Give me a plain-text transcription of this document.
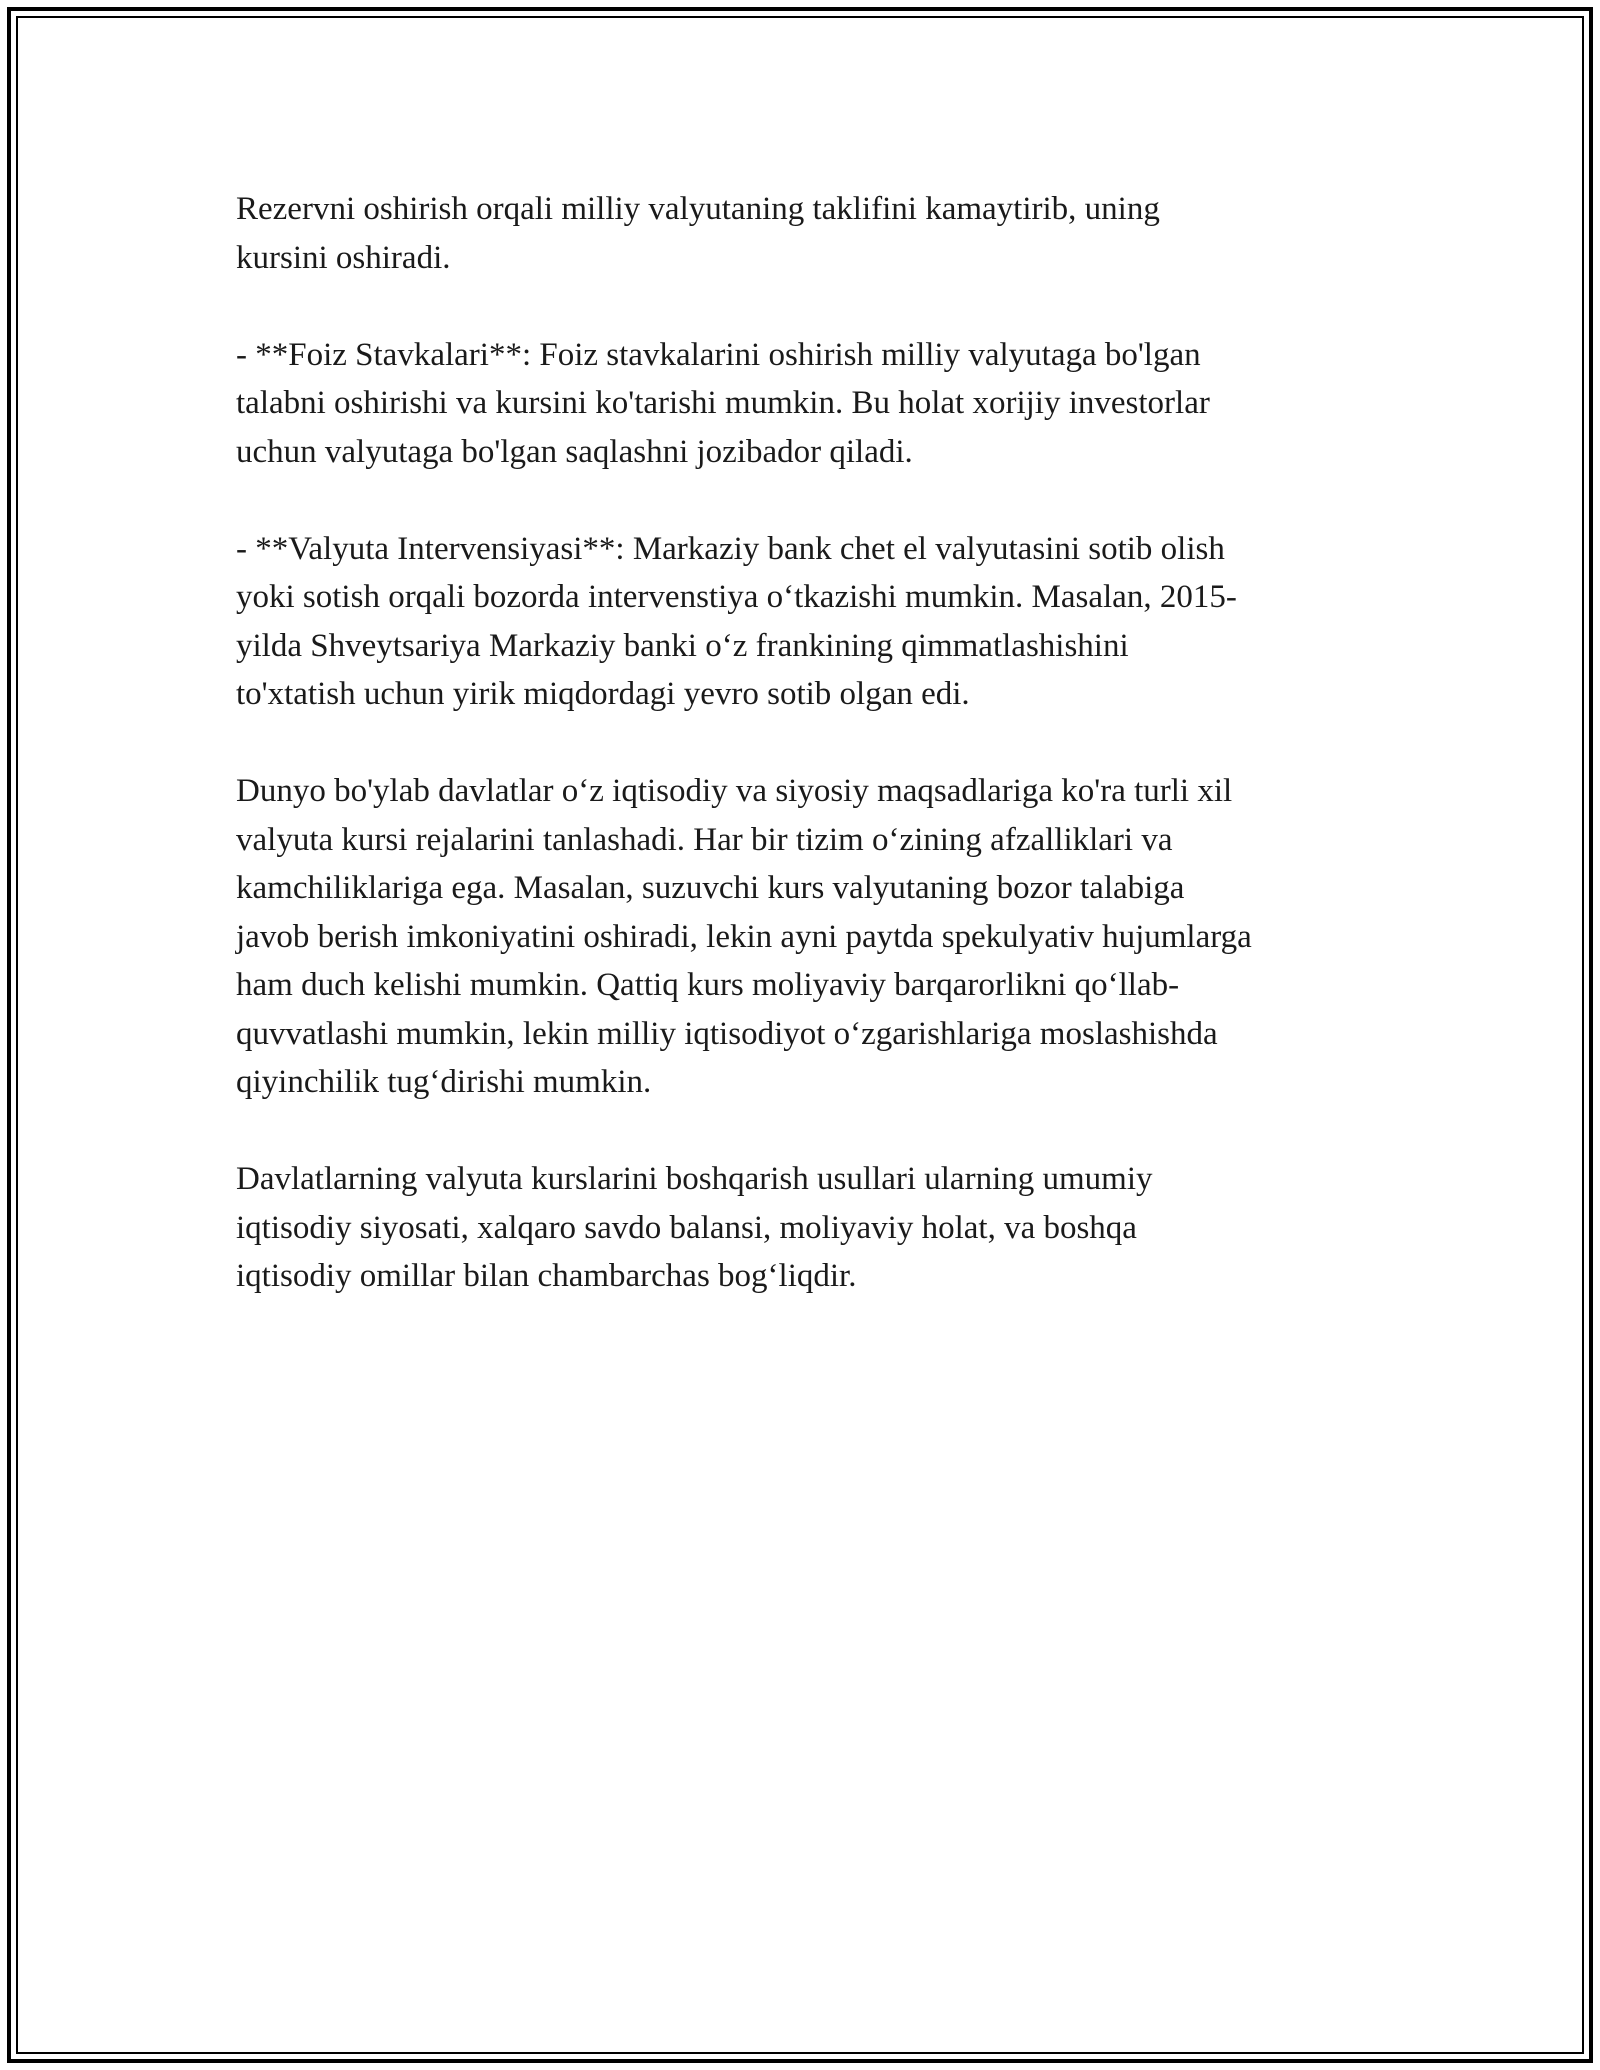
Rezervni oshirish orqali milliy valyutaning taklifini kamaytirib, uning
kursini oshiradi.

- **Foiz Stavkalari**: Foiz stavkalarini oshirish milliy valyutaga bo'lgan
talabni oshirishi va kursini ko'tarishi mumkin. Bu holat xorijiy investorlar
uchun valyutaga bo'lgan saqlashni jozibador qiladi.

- **Valyuta Intervensiyasi**: Markaziy bank chet el valyutasini sotib olish
yoki sotish orqali bozorda intervenstiya oʻtkazishi mumkin. Masalan, 2015-
yilda Shveytsariya Markaziy banki oʻz frankining qimmatlashishini
to'xtatish uchun yirik miqdordagi yevro sotib olgan edi.

Dunyo bo'ylab davlatlar oʻz iqtisodiy va siyosiy maqsadlariga ko'ra turli xil
valyuta kursi rejalarini tanlashadi. Har bir tizim oʻzining afzalliklari va
kamchiliklariga ega. Masalan, suzuvchi kurs valyutaning bozor talabiga
javob berish imkoniyatini oshiradi, lekin ayni paytda spekulyativ hujumlarga
ham duch kelishi mumkin. Qattiq kurs moliyaviy barqarorlikni qoʻllab-
quvvatlashi mumkin, lekin milliy iqtisodiyot oʻzgarishlariga moslashishda
qiyinchilik tugʻdirishi mumkin.

Davlatlarning valyuta kurslarini boshqarish usullari ularning umumiy
iqtisodiy siyosati, xalqaro savdo balansi, moliyaviy holat, va boshqa
iqtisodiy omillar bilan chambarchas bogʻliqdir.
